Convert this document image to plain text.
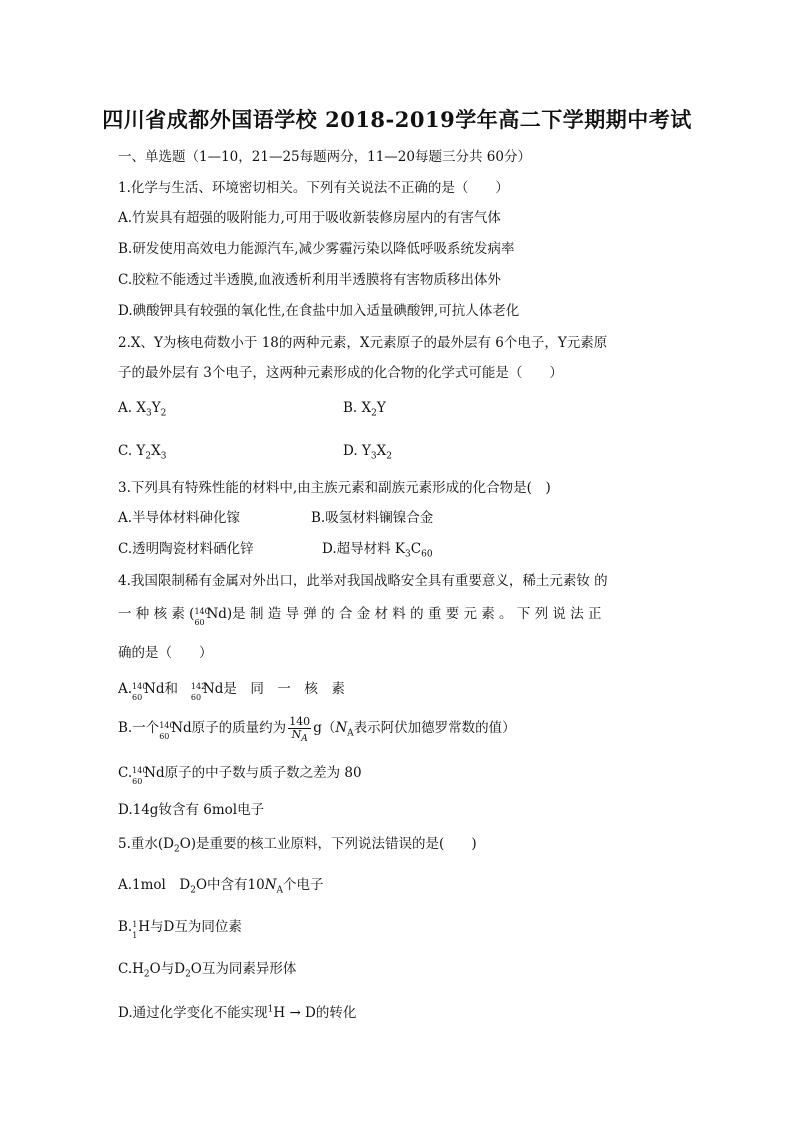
四川省成都外国语学校 2018-2019学年高二下学期期中考试
一、单选题（1—10，21—25每题两分，11—20每题三分共 60分）
1.化学与生活、环境密切相关。下列有关说法不正确的是（　　）
A.竹炭具有超强的吸附能力,可用于吸收新装修房屋内的有害气体
B.研发使用高效电力能源汽车,减少雾霾污染以降低呼吸系统发病率
C.胶粒不能透过半透膜,血液透析利用半透膜将有害物质移出体外
D.碘酸钾具有较强的氧化性,在食盐中加入适量碘酸钾,可抗人体老化
2.X、Y为核电荷数小于 18的两种元素，X元素原子的最外层有 6个电子，Y元素原
子的最外层有 3个电子，这两种元素形成的化合物的化学式可能是（　　）
A. $X_3Y_2$	B. $X_2Y$
C. $Y_2X_3$	D. $Y_3X_2$
3.下列具有特殊性能的材料中,由主族元素和副族元素形成的化合物是(　)
A.半导体材料砷化镓	B.吸氢材料镧镍合金
C.透明陶瓷材料硒化锌	D.超导材料 $K_3C_{60}$
4.我国限制稀有金属对外出口，此举对我国战略安全具有重要意义，稀土元素钕 的
一 种 核 素 ( 140
60
Nd)是 制 造 导 弹 的 合 金 材 料 的 重 要 元 素 。 下 列 说 法 正
确的是（　　）
A. 140
60
Nd和 142
60
Nd是　同　一　核　素
B.一个 140
60
Nd原子的质量约为 $\frac{140}{N_A} g(N_A$表示阿伏加德罗常数的值）
C. 140
60
Nd原子的中子数与质子数之差为 80
D.14g钕含有 6mol电子
5.重水$(D_2O)$是重要的核工业原料，下列说法错误的是(　　)
A.1mol　$D_2O$中含有$10N_A$个电子
B. 1
1
H与D互为同位素
$C.H_2O$与$D_2O$互为同素异形体
D.通过化学变化不能实现$^1$H → D的转化
